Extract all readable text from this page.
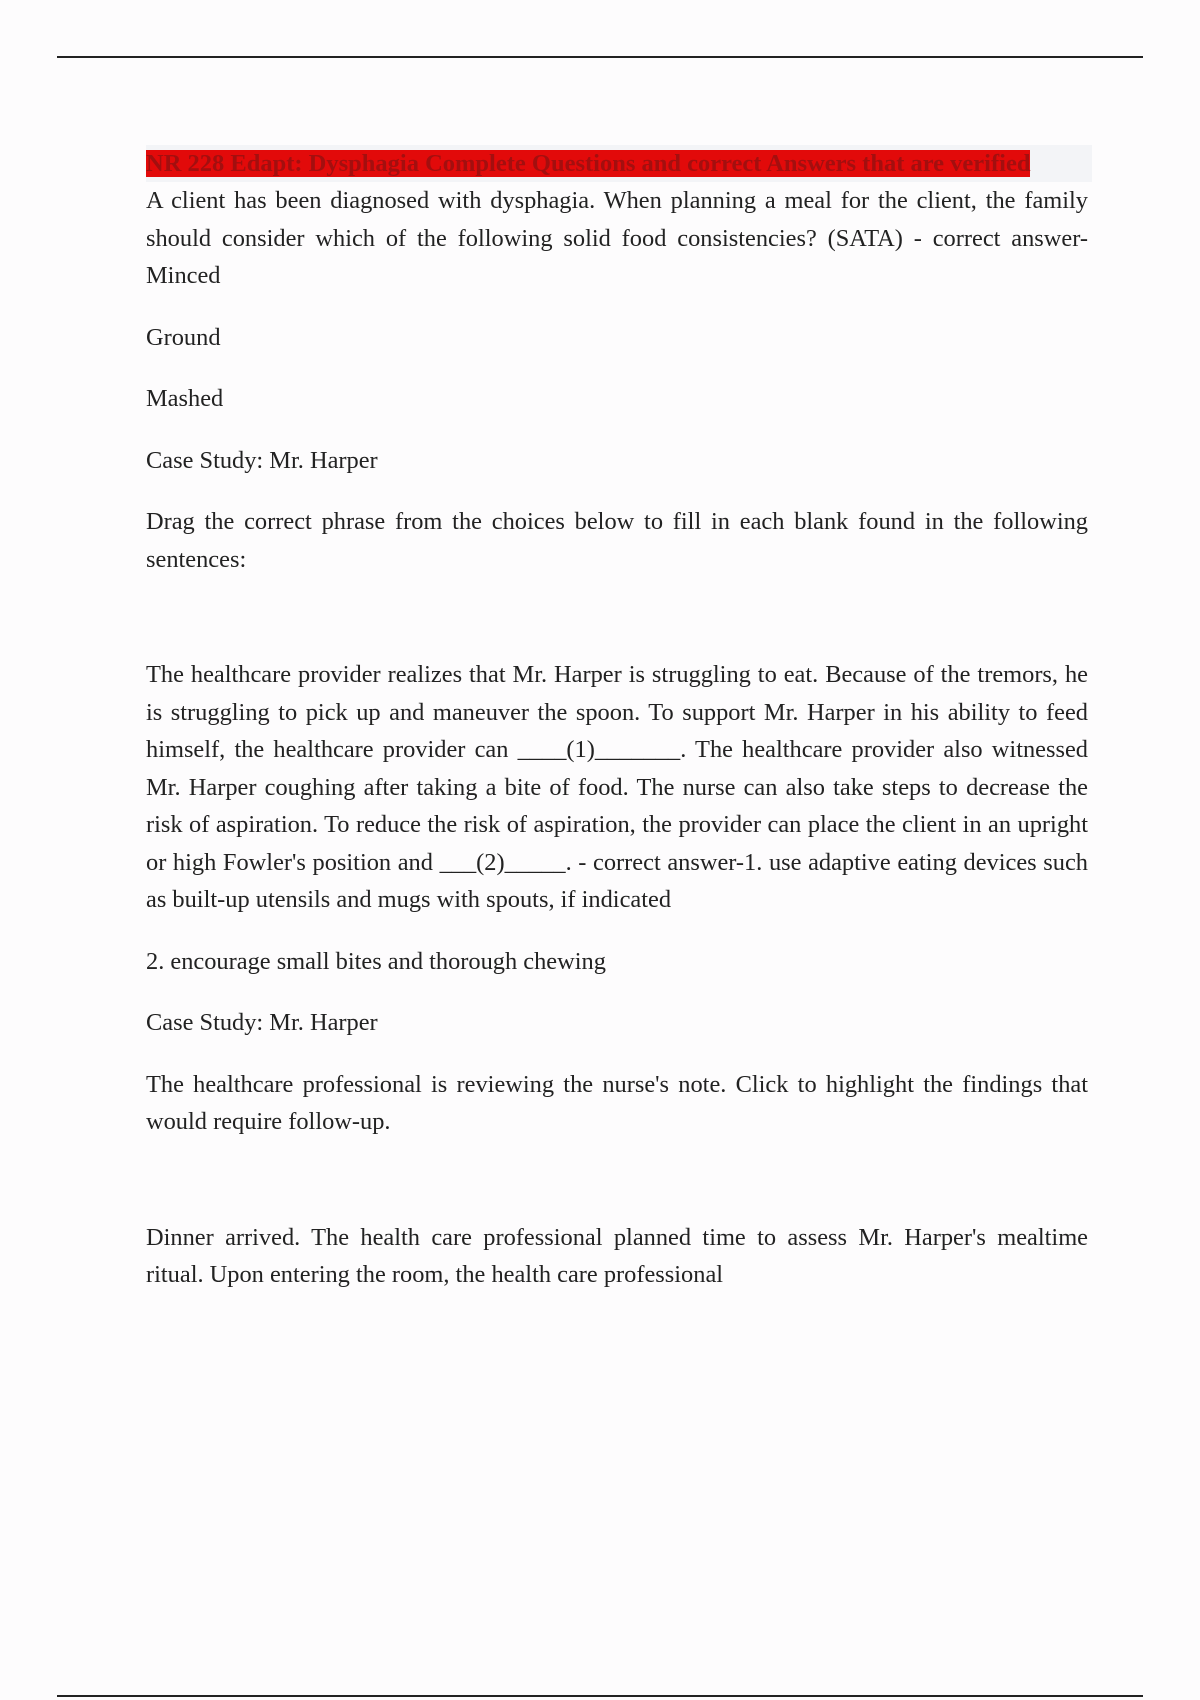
NR 228 Edapt: Dysphagia Complete Questions and correct Answers that are verified

A client has been diagnosed with dysphagia. When planning a meal for the client, the family should consider which of the following solid food consistencies? (SATA) - correct answer-Minced

Ground

Mashed

Case Study: Mr. Harper

Drag the correct phrase from the choices below to fill in each blank found in the following sentences:

The healthcare provider realizes that Mr. Harper is struggling to eat. Because of the tremors, he is struggling to pick up and maneuver the spoon. To support Mr. Harper in his ability to feed himself, the healthcare provider can ____(1)_______. The healthcare provider also witnessed Mr. Harper coughing after taking a bite of food. The nurse can also take steps to decrease the risk of aspiration. To reduce the risk of aspiration, the provider can place the client in an upright or high Fowler's position and ___(2)_____. - correct answer-1. use adaptive eating devices such as built-up utensils and mugs with spouts, if indicated

2. encourage small bites and thorough chewing

Case Study: Mr. Harper

The healthcare professional is reviewing the nurse's note. Click to highlight the findings that would require follow-up.

Dinner arrived. The health care professional planned time to assess Mr. Harper's mealtime ritual. Upon entering the room, the health care professional
